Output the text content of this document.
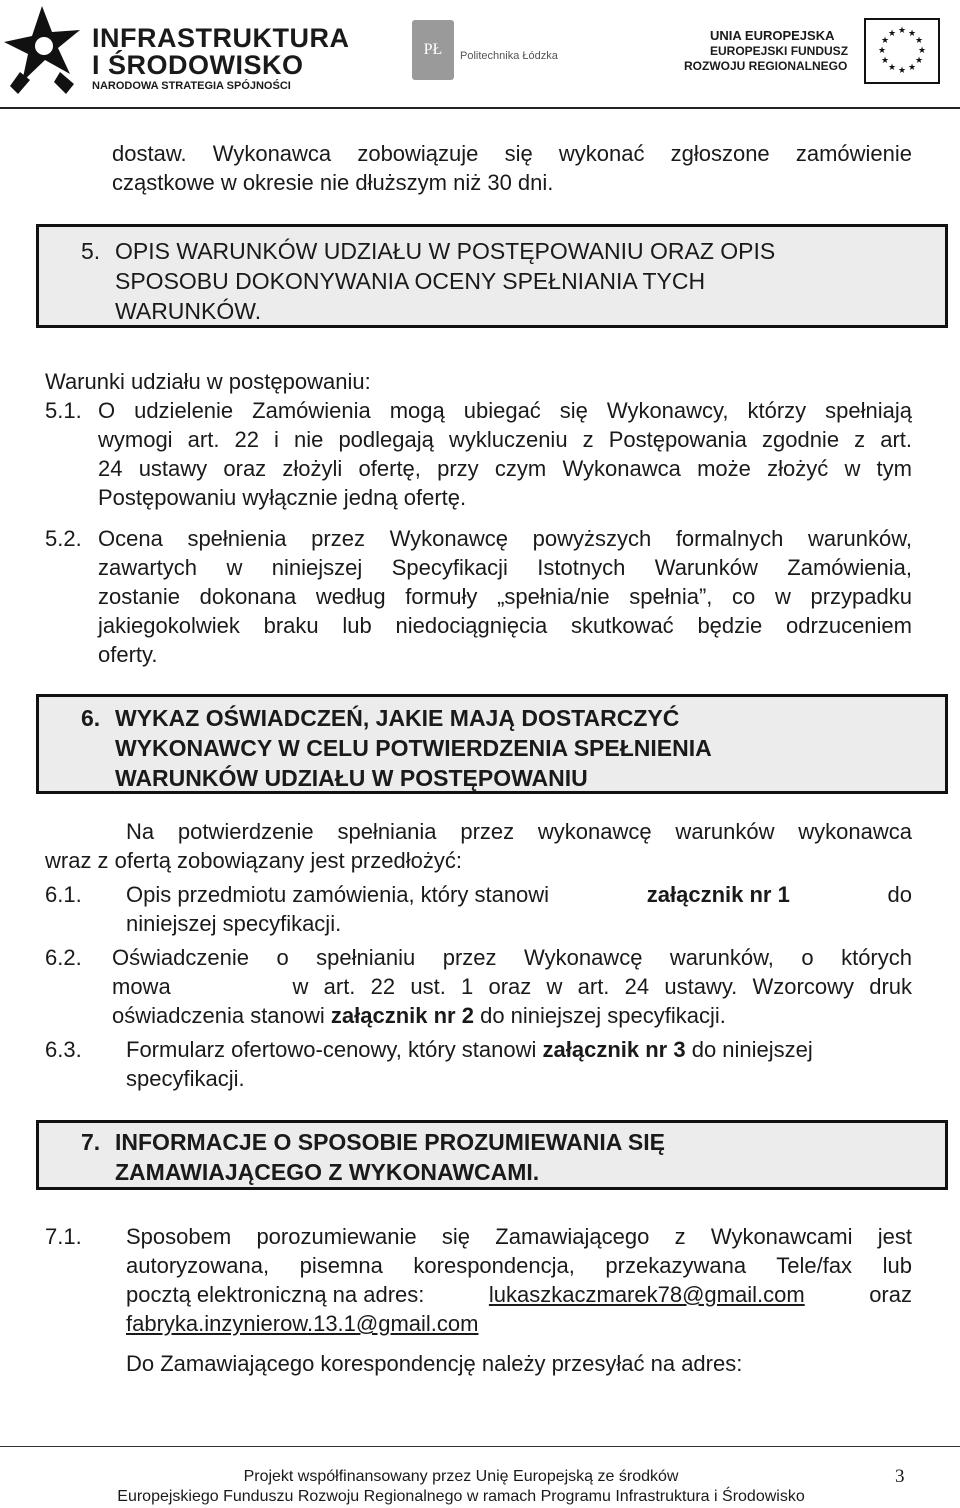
INFRASTRUKTURA
I ŚRODOWISKO
NARODOWA STRATEGIA SPÓJNOŚCI
PŁ	Politechnika Łódzka
UNIA EUROPEJSKA
EUROPEJSKI FUNDUSZ
ROZWOJU REGIONALNEGO
★ ★
★
★
★
★
★
★
★
★
★
★
dostaw. Wykonawca zobowiązuje się wykonać zgłoszone zamówienie
cząstkowe w okresie nie dłuższym niż 30 dni.
5. OPIS WARUNKÓW UDZIAŁU W POSTĘPOWANIU ORAZ OPIS
SPOSOBU DOKONYWANIA OCENY SPEŁNIANIA TYCH
WARUNKÓW.
Warunki udziału w postępowaniu:
5.1. O udzielenie Zamówienia mogą ubiegać się Wykonawcy, którzy spełniają
wymogi art. 22 i nie podlegają wykluczeniu z Postępowania zgodnie z art.
24 ustawy oraz złożyli ofertę, przy czym Wykonawca może złożyć w tym
Postępowaniu wyłącznie jedną ofertę.
5.2. Ocena spełnienia przez Wykonawcę powyższych formalnych warunków,
zawartych w niniejszej Specyfikacji Istotnych Warunków Zamówienia,
zostanie dokonana według formuły „spełnia/nie spełnia”, co w przypadku
jakiegokolwiek braku lub niedociągnięcia skutkować będzie odrzuceniem
oferty.
6. WYKAZ OŚWIADCZEŃ, JAKIE MAJĄ DOSTARCZYĆ
WYKONAWCY W CELU POTWIERDZENIA SPEŁNIENIA
WARUNKÓW UDZIAŁU W POSTĘPOWANIU
Na potwierdzenie spełniania przez wykonawcę warunków wykonawca
wraz z ofertą zobowiązany jest przedłożyć:
6.1. Opis przedmiotu zamówienia, który stanowi	załącznik nr 1	do
niniejszej specyfikacji.
6.2. Oświadczenie o spełnianiu przez Wykonawcę warunków, o których
mowa        w art. 22 ust. 1 oraz w art. 24 ustawy. Wzorcowy druk
oświadczenia stanowi załącznik nr 2 do niniejszej specyfikacji.
6.3. Formularz ofertowo-cenowy, który stanowi załącznik nr 3 do niniejszej
specyfikacji.
7. INFORMACJE O SPOSOBIE PROZUMIEWANIA SIĘ
ZAMAWIAJĄCEGO Z WYKONAWCAMI.
7.1. Sposobem porozumiewanie się Zamawiającego z Wykonawcami jest
autoryzowana, pisemna korespondencja, przekazywana Tele/fax lub
pocztą elektroniczną na adres:	lukaszkaczmarek78@gmail.com	oraz
fabryka.inzynierow.13.1@gmail.com
Do Zamawiającego korespondencję należy przesyłać na adres:
Projekt współfinansowany przez Unię Europejską ze środków
Europejskiego Funduszu Rozwoju Regionalnego w ramach Programu Infrastruktura i Środowisko
3
